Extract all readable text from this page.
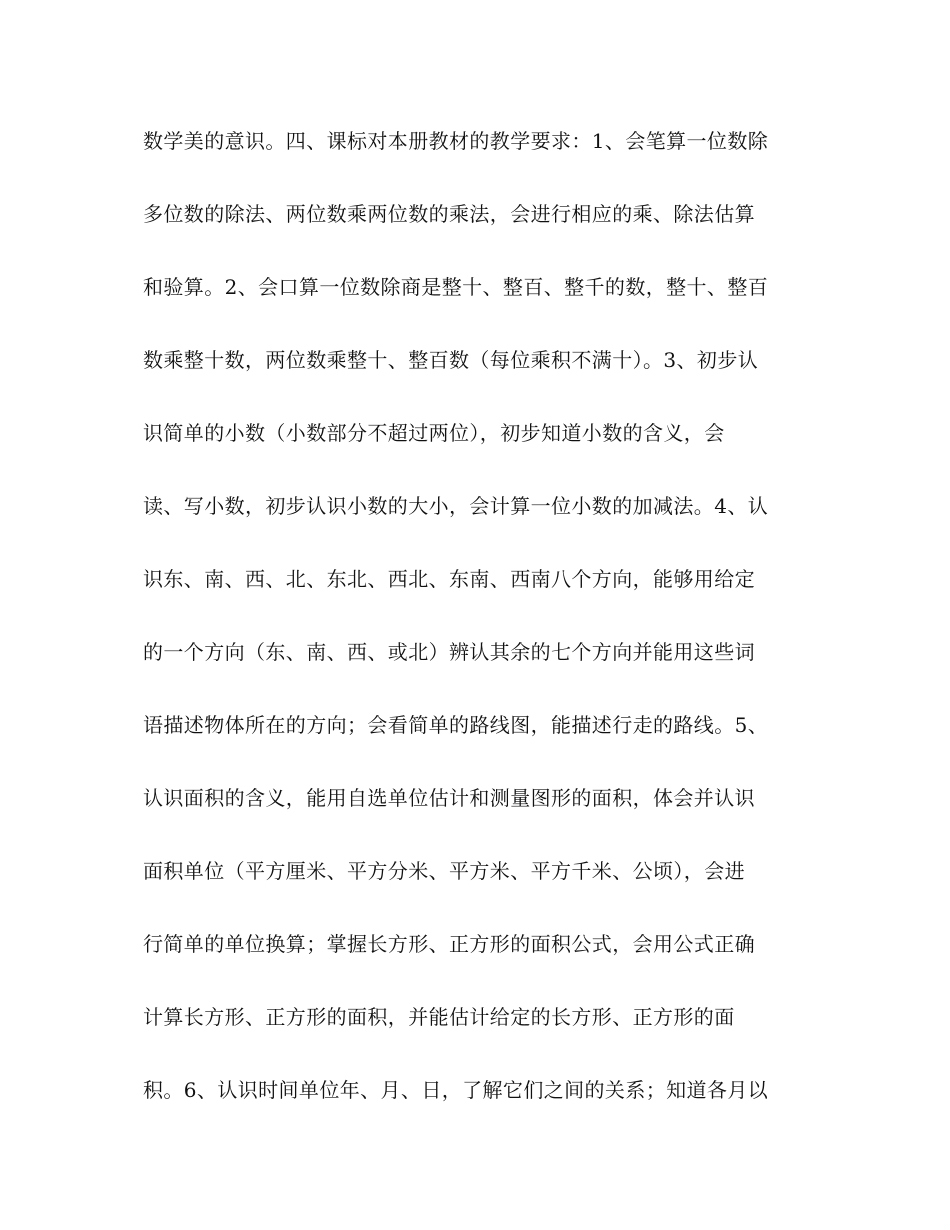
数学美的意识。四、课标对本册教材的教学要求：1、会笔算一位数除
多位数的除法、两位数乘两位数的乘法，会进行相应的乘、除法估算
和验算。2、会口算一位数除商是整十、整百、整千的数，整十、整百
数乘整十数，两位数乘整十、整百数（每位乘积不满十）。3、初步认
识简单的小数（小数部分不超过两位），初步知道小数的含义，会
读、写小数，初步认识小数的大小，会计算一位小数的加减法。4、认
识东、南、西、北、东北、西北、东南、西南八个方向，能够用给定
的一个方向（东、南、西、或北）辨认其余的七个方向并能用这些词
语描述物体所在的方向；会看简单的路线图，能描述行走的路线。5、
认识面积的含义，能用自选单位估计和测量图形的面积，体会并认识
面积单位（平方厘米、平方分米、平方米、平方千米、公顷），会进
行简单的单位换算；掌握长方形、正方形的面积公式，会用公式正确
计算长方形、正方形的面积，并能估计给定的长方形、正方形的面
积。6、认识时间单位年、月、日，了解它们之间的关系；知道各月以
